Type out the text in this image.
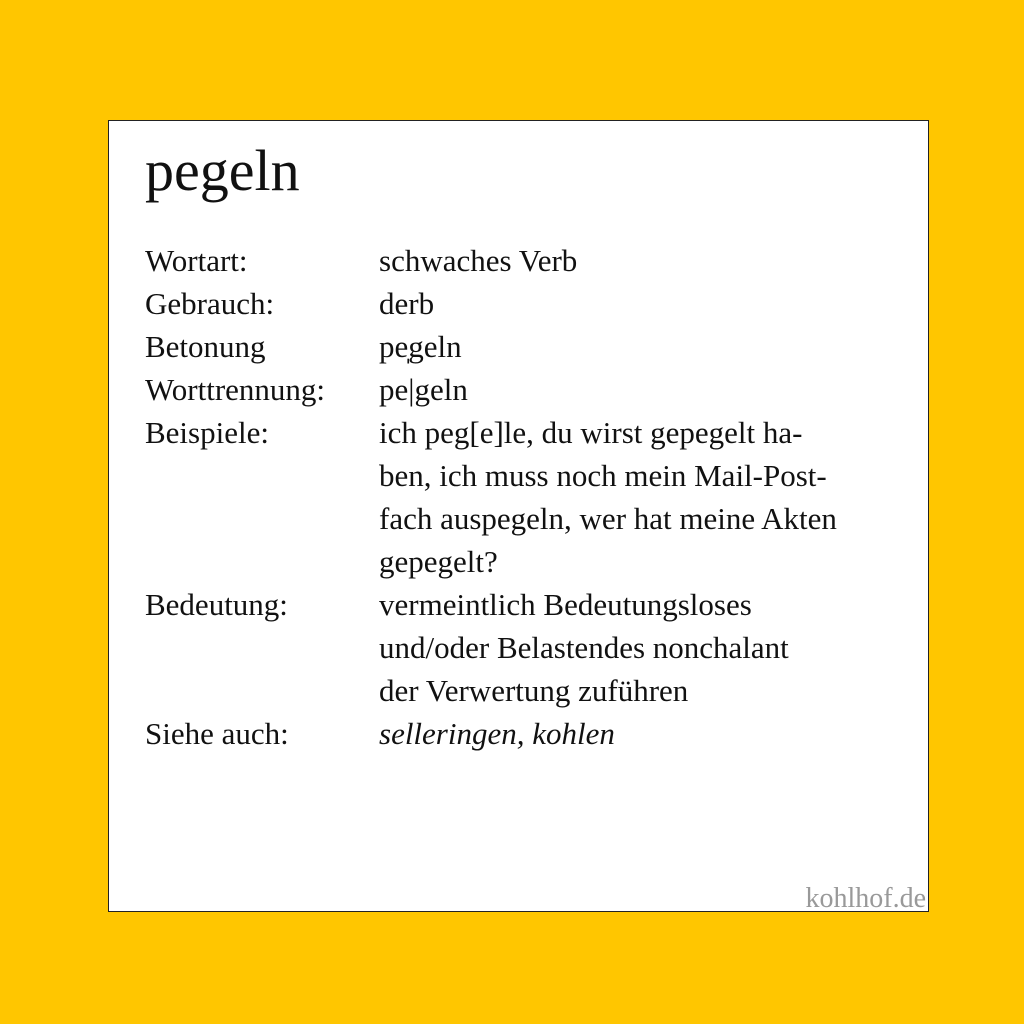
pegeln
Wortart:	schwaches Verb
Gebrauch:	derb
Betonung	pe̩geln
Worttrennung:	pe|geln
Beispiele:	ich peg[e]le, du wirst gepegelt ha-
ben, ich muss noch mein Mail-Post-
fach auspegeln, wer hat meine Akten
gepegelt?
Bedeutung:	vermeintlich Bedeutungsloses
und/oder Belastendes nonchalant
der Verwertung zuführen
Siehe auch:	selleringen, kohlen
kohlhof.de
